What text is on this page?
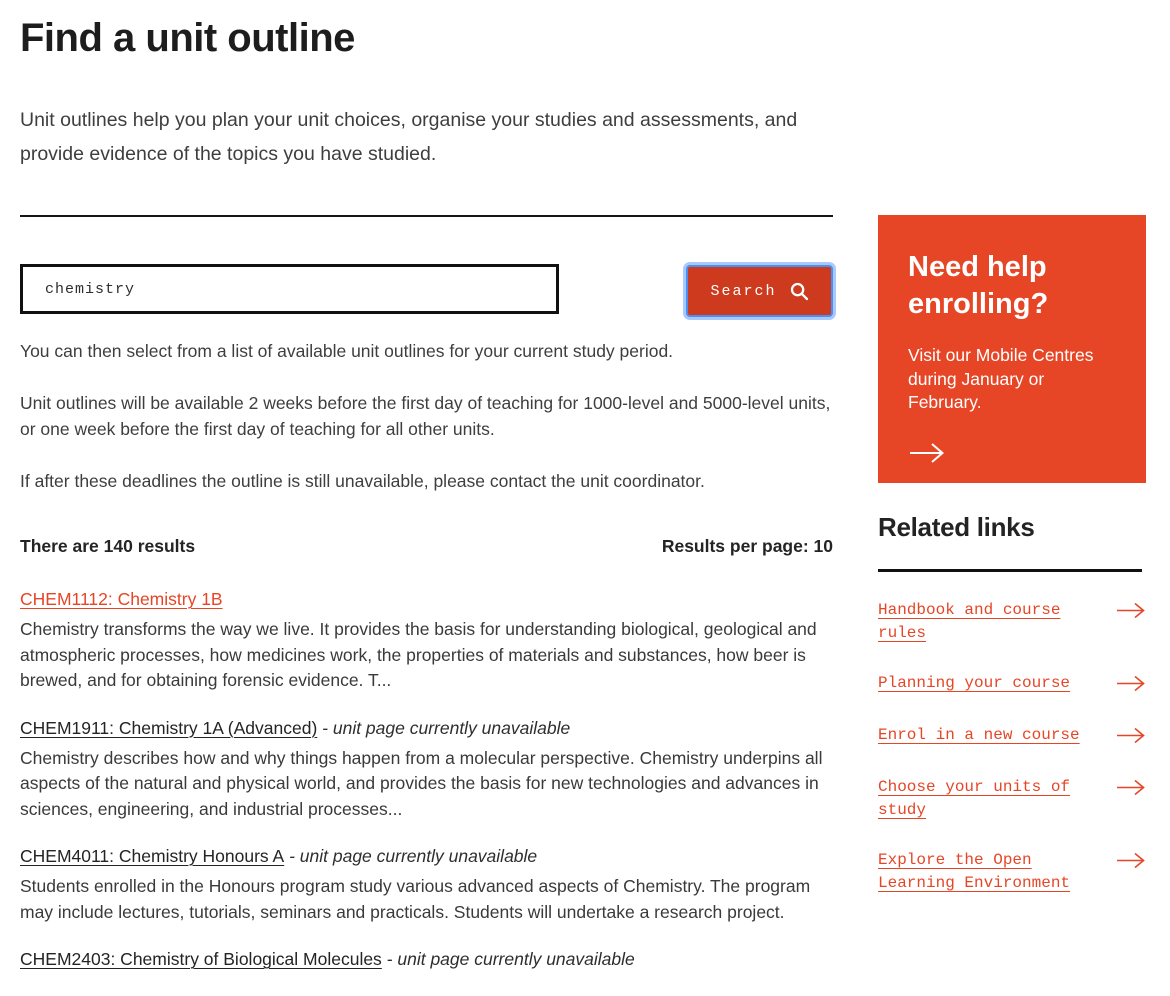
Find a unit outline

Unit outlines help you plan your unit choices, organise your studies and assessments, and provide evidence of the topics you have studied.

chemistry
Search

You can then select from a list of available unit outlines for your current study period.

Unit outlines will be available 2 weeks before the first day of teaching for 1000-level and 5000-level units, or one week before the first day of teaching for all other units.

If after these deadlines the outline is still unavailable, please contact the unit coordinator.

There are 140 results	Results per page: 10
CHEM1112: Chemistry 1B
Chemistry transforms the way we live. It provides the basis for understanding biological, geological and atmospheric processes, how medicines work, the properties of materials and substances, how beer is brewed, and for obtaining forensic evidence. T...
CHEM1911: Chemistry 1A (Advanced) - unit page currently unavailable
Chemistry describes how and why things happen from a molecular perspective. Chemistry underpins all aspects of the natural and physical world, and provides the basis for new technologies and advances in sciences, engineering, and industrial processes...
CHEM4011: Chemistry Honours A - unit page currently unavailable
Students enrolled in the Honours program study various advanced aspects of Chemistry. The program may include lectures, tutorials, seminars and practicals. Students will undertake a research project.
CHEM2403: Chemistry of Biological Molecules - unit page currently unavailable
Need help enrolling?
Visit our Mobile Centres during January or February.
Related links
Handbook and course rules
Planning your course
Enrol in a new course
Choose your units of study
Explore the Open Learning Environment
